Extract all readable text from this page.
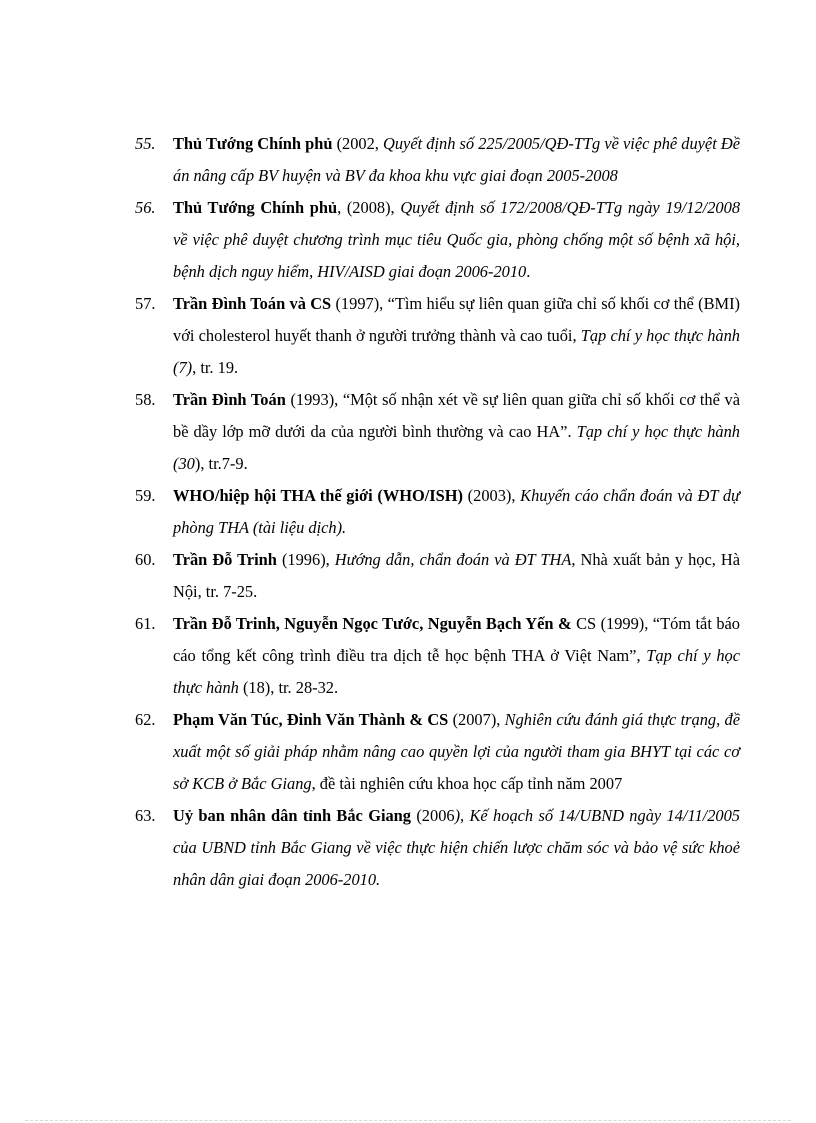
55. Thủ Tướng Chính phủ (2002, Quyết định số 225/2005/QĐ-TTg về việc phê duyệt Đề án nâng cấp BV huyện và BV đa khoa khu vực giai đoạn 2005-2008
56. Thủ Tướng Chính phủ, (2008), Quyết định số 172/2008/QĐ-TTg ngày 19/12/2008 về việc phê duyệt chương trình mục tiêu Quốc gia, phòng chống một số bệnh xã hội, bệnh dịch nguy hiểm, HIV/AISD giai đoạn 2006-2010.
57. Trần Đình Toán và CS (1997), “Tìm hiểu sự liên quan giữa chỉ số khối cơ thể (BMI) với cholesterol huyết thanh ở người trưởng thành và cao tuổi, Tạp chí y học thực hành (7), tr. 19.
58. Trần Đình Toán (1993), “Một số nhận xét về sự liên quan giữa chỉ số khối cơ thể và bề dầy lớp mỡ dưới da của người bình thường và cao HA”. Tạp chí y học thực hành (30), tr.7-9.
59. WHO/hiệp hội THA thế giới (WHO/ISH) (2003), Khuyến cáo chẩn đoán và ĐT dự phòng THA (tài liệu dịch).
60. Trần Đỗ Trinh (1996), Hướng dẫn, chẩn đoán và ĐT THA, Nhà xuất bản y học, Hà Nội, tr. 7-25.
61. Trần Đỗ Trinh, Nguyễn Ngọc Tước, Nguyễn Bạch Yến & CS (1999), “Tóm tắt báo cáo tổng kết công trình điều tra dịch tễ học bệnh THA ở Việt Nam”, Tạp chí y học thực hành (18), tr. 28-32.
62. Phạm Văn Túc, Đinh Văn Thành & CS (2007), Nghiên cứu đánh giá thực trạng, đề xuất một số giải pháp nhằm nâng cao quyền lợi của người tham gia BHYT tại các cơ sở KCB ở Bắc Giang, đề tài nghiên cứu khoa học cấp tỉnh năm 2007
63. Uỷ ban nhân dân tỉnh Bắc Giang (2006), Kế hoạch số 14/UBND ngày 14/11/2005 của UBND tỉnh Bắc Giang về việc thực hiện chiến lược chăm sóc và bảo vệ sức khoẻ nhân dân giai đoạn 2006-2010.
